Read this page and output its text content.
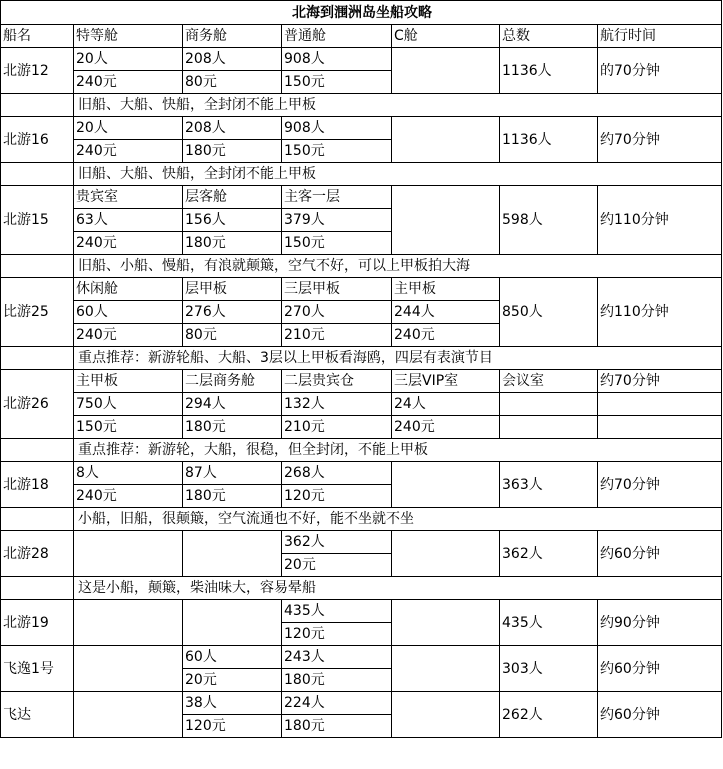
北海到涠洲岛坐船攻略						
船名	特等舱	商务舱	普通舱	C舱	总数	航行时间
北游12	20人	208人	908人		1136人	的70分钟
	240元	80元	150元			
	旧船、大船、快船，全封闭不能上甲板					
北游16	20人	208人	908人		1136人	约70分钟
	240元	180元	150元			
	旧船、大船、快船，全封闭不能上甲板					
北游15	贵宾室	层客舱	主客一层		598人	约110分钟
	63人	156人	379人			
	240元	180元	150元			
	旧船、小船、慢船，有浪就颠簸，空气不好，可以上甲板拍大海					
比游25	休闲舱	层甲板	三层甲板	主甲板	850人	约110分钟
	60人	276人	270人	244人		
	240元	80元	210元	240元		
	重点推荐：新游轮船、大船、3层以上甲板看海鸥，四层有表演节目					
北游26	主甲板	二层商务舱	二层贵宾仓	三层VIP室	会议室	约70分钟
	750人	294人	132人	24人		
	150元	180元	210元	240元		
	重点推荐：新游轮，大船，很稳，但全封闭，不能上甲板					
北游18	8人	87人	268人		363人	约70分钟
	240元	180元	120元			
	小船，旧船，很颠簸，空气流通也不好，能不坐就不坐					
北游28			362人		362人	约60分钟
			20元			
	这是小船，颠簸，柴油味大，容易晕船					
北游19			435人		435人	约90分钟
			120元			
飞逸1号		60人	243人		303人	约60分钟
		20元	180元			
飞达		38人	224人		262人	约60分钟
		120元	180元			
